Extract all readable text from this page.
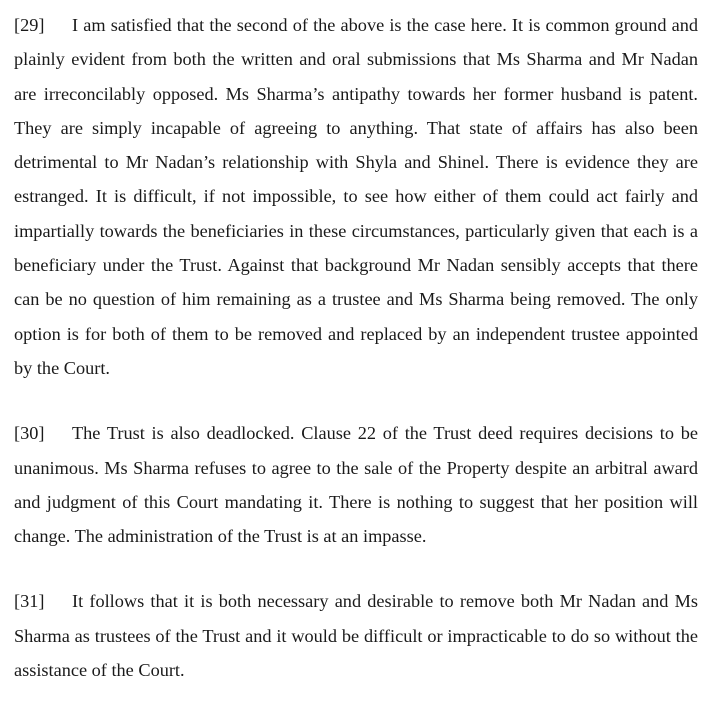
[29] I am satisfied that the second of the above is the case here. It is common ground and plainly evident from both the written and oral submissions that Ms Sharma and Mr Nadan are irreconcilably opposed. Ms Sharma’s antipathy towards her former husband is patent. They are simply incapable of agreeing to anything. That state of affairs has also been detrimental to Mr Nadan’s relationship with Shyla and Shinel. There is evidence they are estranged. It is difficult, if not impossible, to see how either of them could act fairly and impartially towards the beneficiaries in these circumstances, particularly given that each is a beneficiary under the Trust. Against that background Mr Nadan sensibly accepts that there can be no question of him remaining as a trustee and Ms Sharma being removed. The only option is for both of them to be removed and replaced by an independent trustee appointed by the Court.

[30] The Trust is also deadlocked. Clause 22 of the Trust deed requires decisions to be unanimous. Ms Sharma refuses to agree to the sale of the Property despite an arbitral award and judgment of this Court mandating it. There is nothing to suggest that her position will change. The administration of the Trust is at an impasse.

[31] It follows that it is both necessary and desirable to remove both Mr Nadan and Ms Sharma as trustees of the Trust and it would be difficult or impracticable to do so without the assistance of the Court.
